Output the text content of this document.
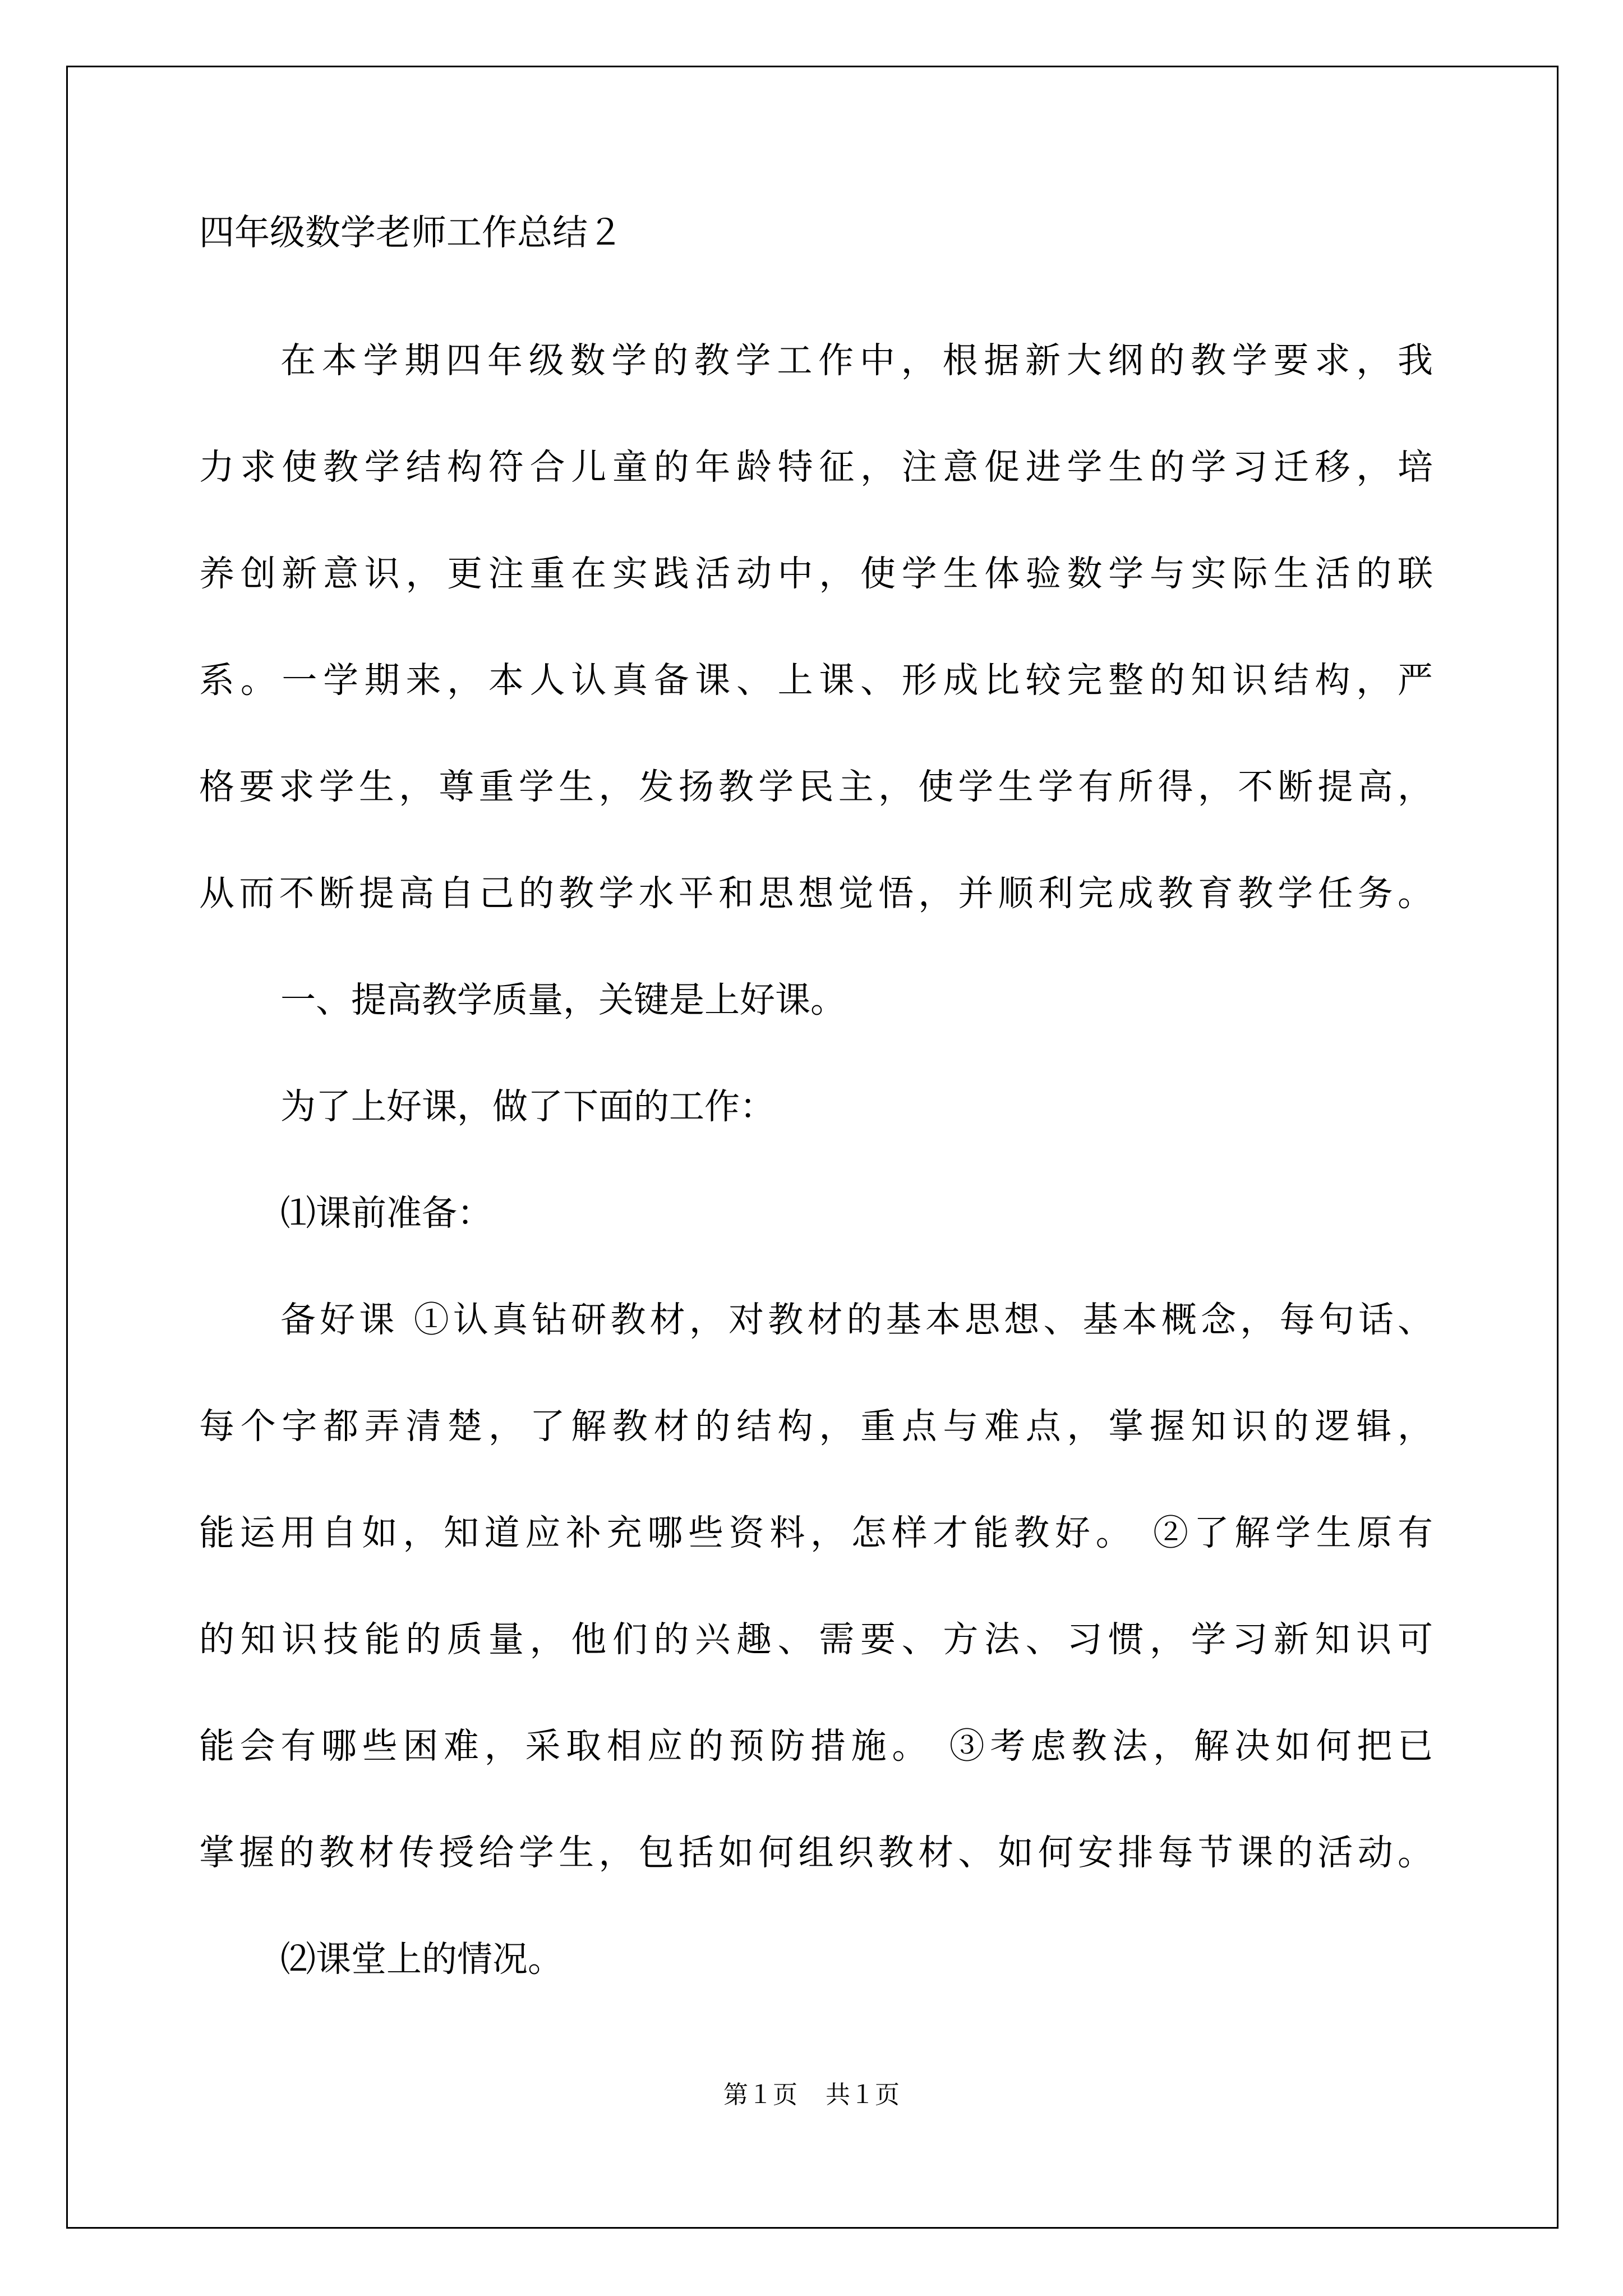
四年级数学老师工作总结２
在本学期四年级数学的教学工作中，根据新大纲的教学要求，我
力求使教学结构符合儿童的年龄特征，注意促进学生的学习迁移，培
养创新意识，更注重在实践活动中，使学生体验数学与实际生活的联
系。一学期来，本人认真备课、上课、形成比较完整的知识结构，严
格要求学生，尊重学生，发扬教学民主，使学生学有所得，不断提高，
从而不断提高自己的教学水平和思想觉悟，并顺利完成教育教学任务。
一、提高教学质量，关键是上好课。
为了上好课，做了下面的工作：
⑴课前准备：
备好课 ①认真钻研教材，对教材的基本思想、基本概念，每句话、
每个字都弄清楚，了解教材的结构，重点与难点，掌握知识的逻辑，
能运用自如，知道应补充哪些资料，怎样才能教好。 ②了解学生原有
的知识技能的质量，他们的兴趣、需要、方法、习惯，学习新知识可
能会有哪些困难，采取相应的预防措施。 ③考虑教法，解决如何把已
掌握的教材传授给学生，包括如何组织教材、如何安排每节课的活动。
⑵课堂上的情况。
第１页 共１页
